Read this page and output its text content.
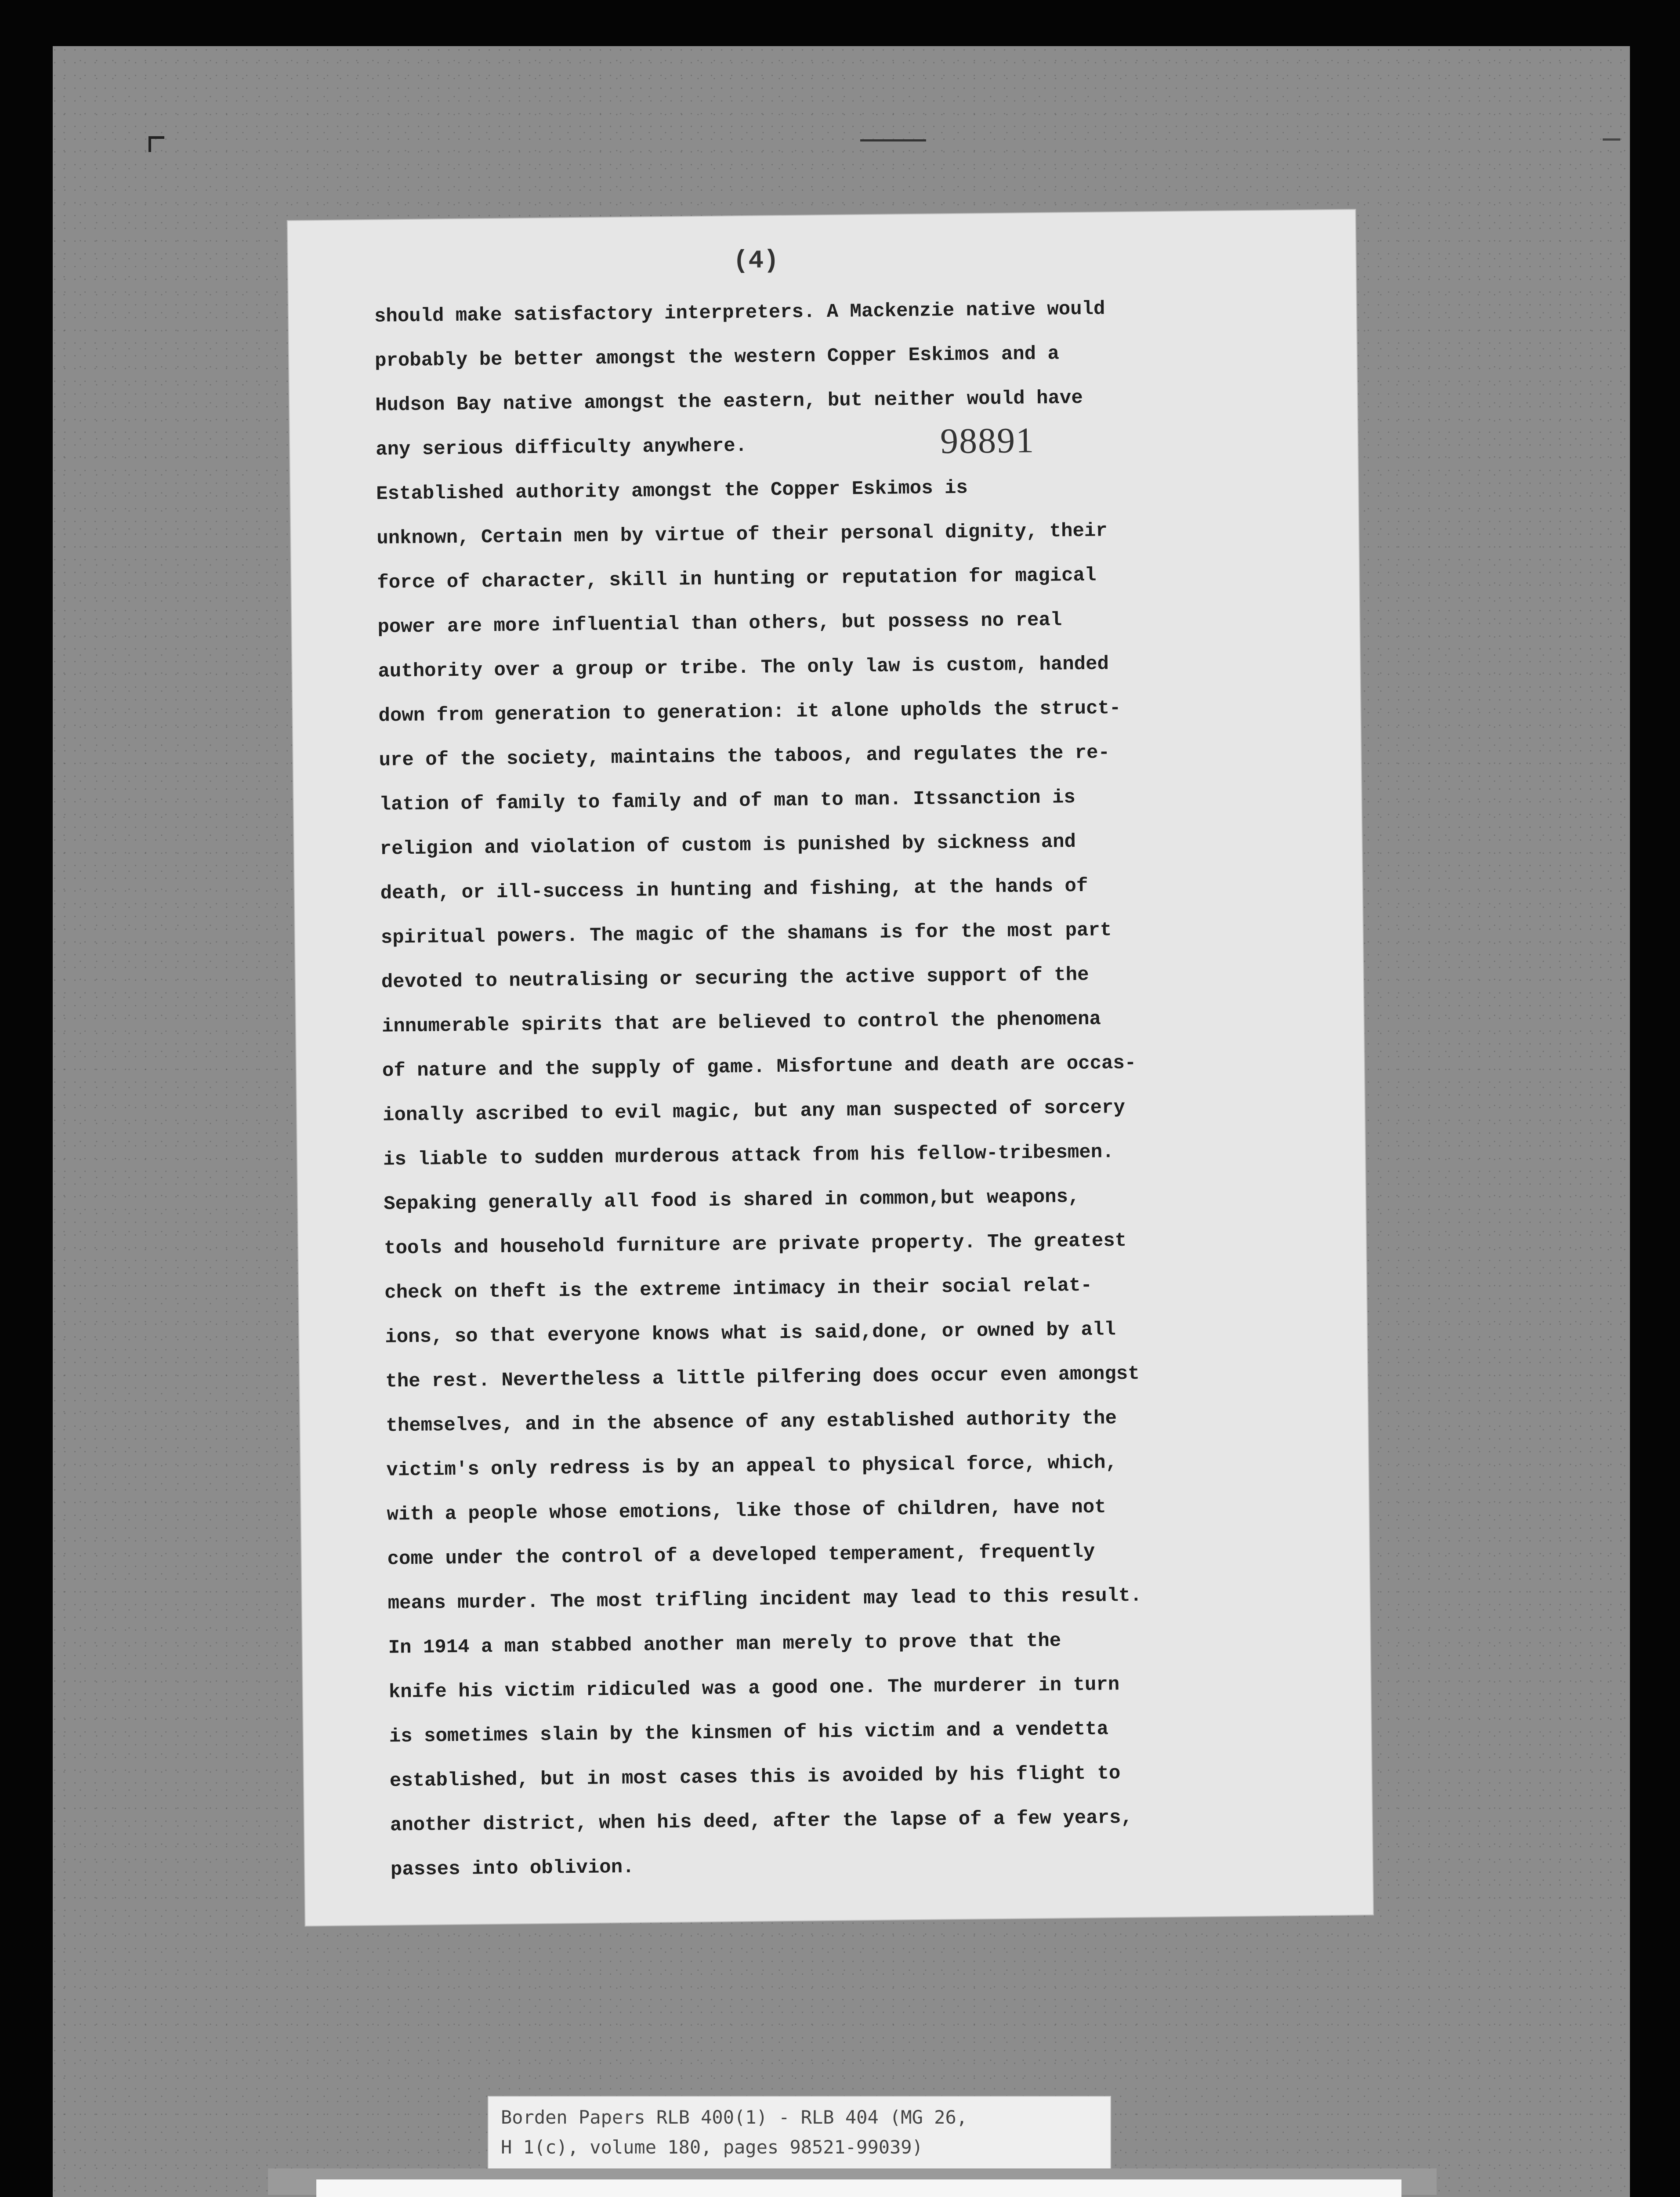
(4)
98891
should make satisfactory interpreters. A Mackenzie native would
probably be better amongst the western Copper Eskimos and a
Hudson Bay native amongst the eastern, but neither would have
any serious difficulty anywhere.
Established authority amongst the Copper Eskimos is
unknown, Certain men by virtue of their personal dignity, their
force of character, skill in hunting or reputation for magical
power are more influential than others, but possess no real
authority over a group or tribe. The only law is custom, handed
down from generation to generation: it alone upholds the struct-
ure of the society, maintains the taboos, and regulates the re-
lation of family to family and of man to man. Itssanction is
religion and violation of custom is punished by sickness and
death, or ill-success in hunting and fishing, at the hands of
spiritual powers. The magic of the shamans is for the most part
devoted to neutralising or securing the active support of the
innumerable spirits that are believed to control the phenomena
of nature and the supply of game. Misfortune and death are occas-
ionally ascribed to evil magic, but any man suspected of sorcery
is liable to sudden murderous attack from his fellow-tribesmen.
Sepaking generally all food is shared in common,but weapons,
tools and household furniture are private property. The greatest
check on theft is the extreme intimacy in their social relat-
ions, so that everyone knows what is said,done, or owned by all
the rest. Nevertheless a little pilfering does occur even amongst
themselves, and in the absence of any established authority the
victim's only redress is by an appeal to physical force, which,
with a people whose emotions, like those of children, have not
come under the control of a developed temperament, frequently
means murder. The most trifling incident may lead to this result.
In 1914 a man stabbed another man merely to prove that the
knife his victim ridiculed was a good one. The murderer in turn
is sometimes slain by the kinsmen of his victim and a vendetta
established, but in most cases this is avoided by his flight to
another district, when his deed, after the lapse of a few years,
passes into oblivion.
Borden Papers RLB 400(1) - RLB 404 (MG 26,
H 1(c), volume 180, pages 98521-99039)
